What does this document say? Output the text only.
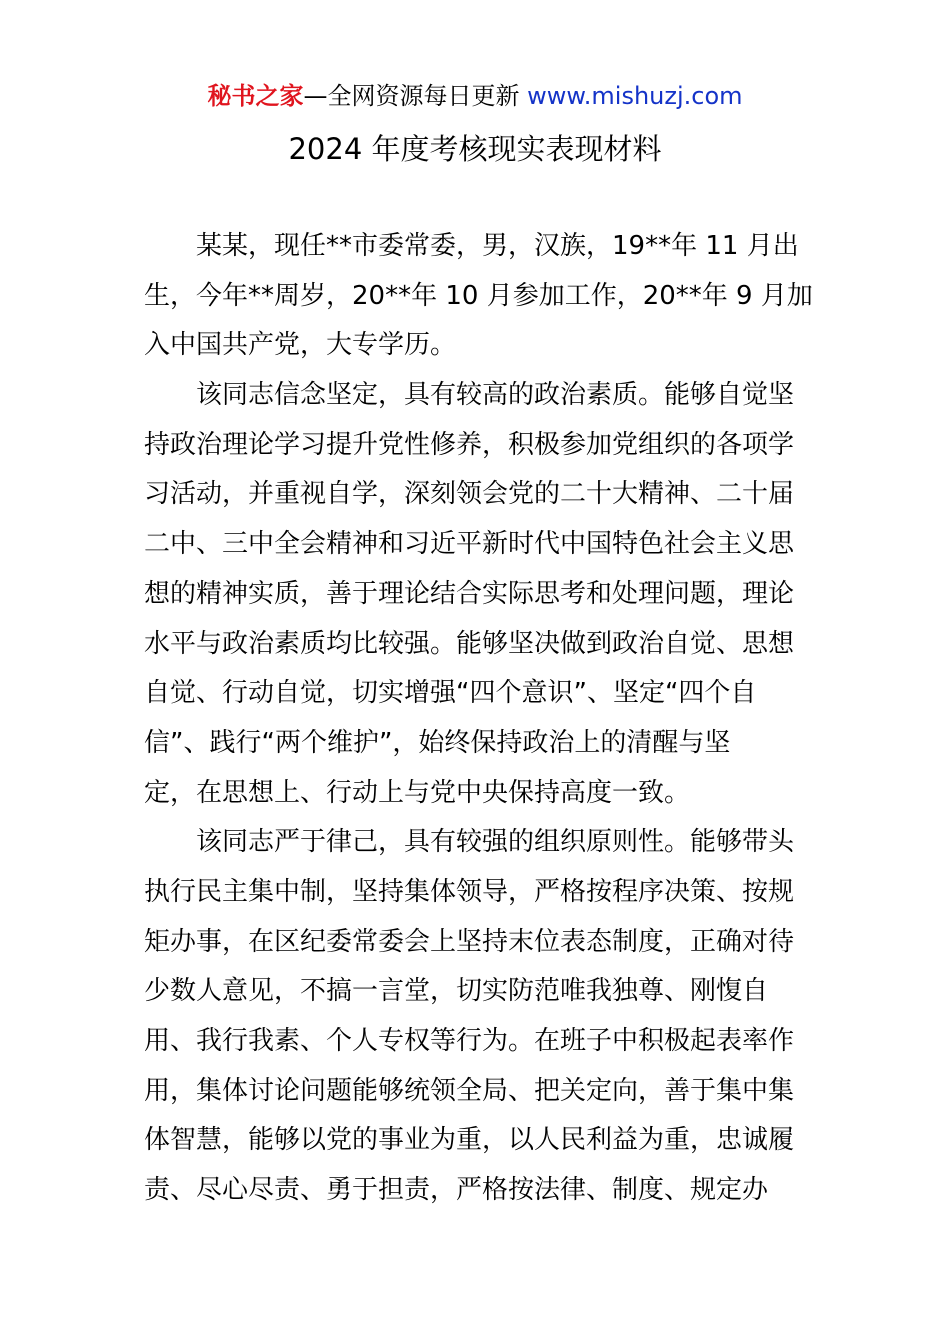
秘书之家—全网资源每日更新 www.mishuzj.com
2024 年度考核现实表现材料
某某，现任**市委常委，男，汉族，19**年 11 月出
生，今年**周岁，20**年 10 月参加工作，20**年 9 月加
入中国共产党，大专学历。
该同志信念坚定，具有较高的政治素质。能够自觉坚
持政治理论学习提升党性修养，积极参加党组织的各项学
习活动，并重视自学，深刻领会党的二十大精神、二十届
二中、三中全会精神和习近平新时代中国特色社会主义思
想的精神实质，善于理论结合实际思考和处理问题，理论
水平与政治素质均比较强。能够坚决做到政治自觉、思想
自觉、行动自觉，切实增强“四个意识”、坚定“四个自
信”、践行“两个维护”，始终保持政治上的清醒与坚
定，在思想上、行动上与党中央保持高度一致。
该同志严于律己，具有较强的组织原则性。能够带头
执行民主集中制，坚持集体领导，严格按程序决策、按规
矩办事，在区纪委常委会上坚持末位表态制度，正确对待
少数人意见，不搞一言堂，切实防范唯我独尊、刚愎自
用、我行我素、个人专权等行为。在班子中积极起表率作
用，集体讨论问题能够统领全局、把关定向，善于集中集
体智慧，能够以党的事业为重，以人民利益为重，忠诚履
责、尽心尽责、勇于担责，严格按法律、制度、规定办
